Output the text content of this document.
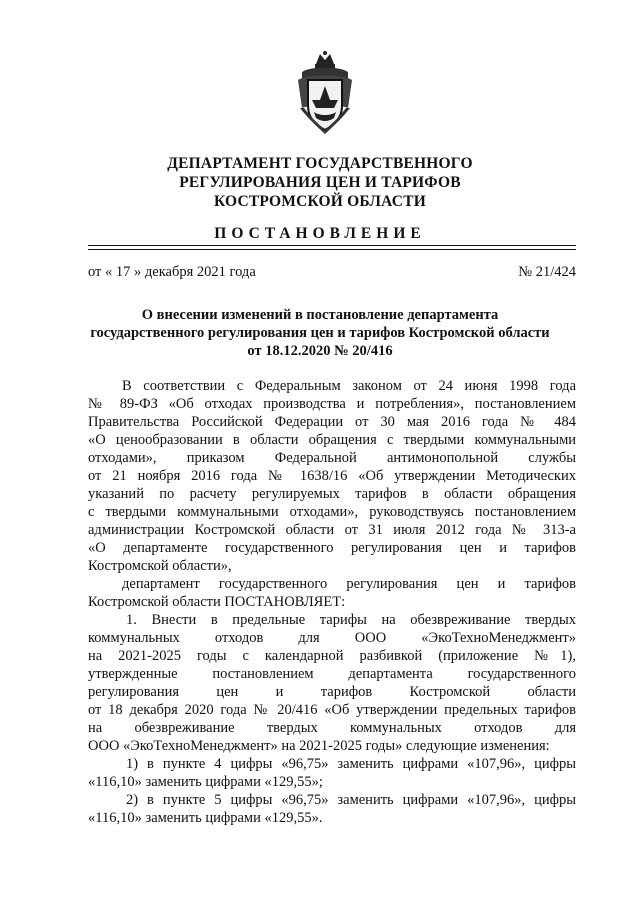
ДЕПАРТАМЕНТ ГОСУДАРСТВЕННОГО
РЕГУЛИРОВАНИЯ ЦЕН И ТАРИФОВ
КОСТРОМСКОЙ ОБЛАСТИ
ПОСТАНОВЛЕНИЕ
от « 17 » декабря 2021 года	№ 21/424
О внесении изменений в постановление департамента
государственного регулирования цен и тарифов Костромской области
от 18.12.2020 № 20/416
В соответствии с Федеральным законом от 24 июня 1998 года
№ 89-ФЗ «Об отходах производства и потребления», постановлением
Правительства Российской Федерации от 30 мая 2016 года № 484
«О ценообразовании в области обращения с твердыми коммунальными
отходами», приказом Федеральной антимонопольной службы
от 21 ноября 2016 года № 1638/16 «Об утверждении Методических
указаний по расчету регулируемых тарифов в области обращения
с твердыми коммунальными отходами», руководствуясь постановлением
администрации Костромской области от 31 июля 2012 года № 313-а
«О департаменте государственного регулирования цен и тарифов
Костромской области»,
департамент государственного регулирования цен и тарифов
Костромской области ПОСТАНОВЛЯЕТ:
1. Внести в предельные тарифы на обезвреживание твердых
коммунальных отходов для ООО «ЭкоТехноМенеджмент»
на 2021-2025 годы с календарной разбивкой (приложение №1),
утвержденные постановлением департамента государственного
регулирования цен и тарифов Костромской области
от 18 декабря 2020 года № 20/416 «Об утверждении предельных тарифов
на обезвреживание твердых коммунальных отходов для
ООО «ЭкоТехноМенеджмент» на 2021-2025 годы» следующие изменения:
1) в пункте 4 цифры «96,75» заменить цифрами «107,96», цифры
«116,10» заменить цифрами «129,55»;
2) в пункте 5 цифры «96,75» заменить цифрами «107,96», цифры
«116,10» заменить цифрами «129,55».
